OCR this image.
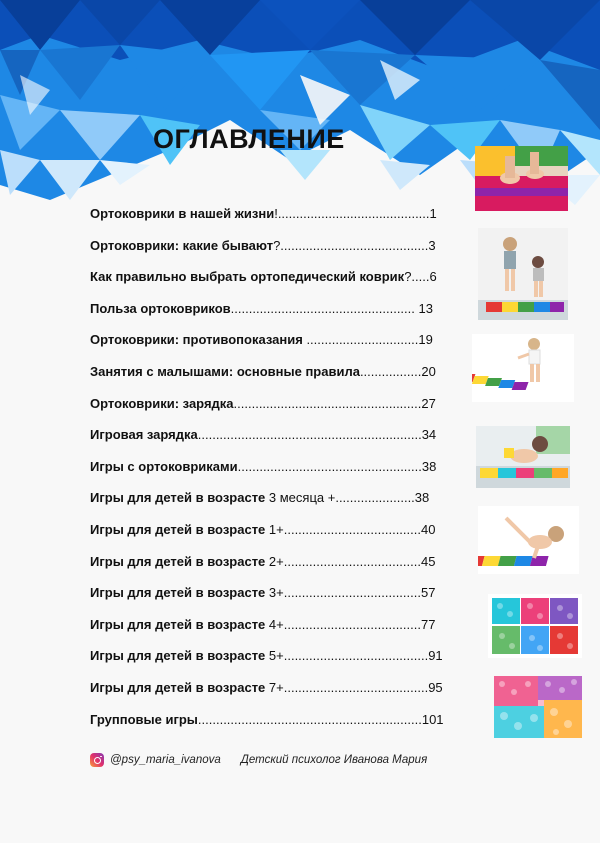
ОГЛАВЛЕНИЕ
Ортоковрики в нашей жизни!..........................................1
Ортоковрики: какие бывают?.........................................3
Как правильно выбрать ортопедический коврик?.....6
Польза ортоковриков................................................... 13
Ортоковрики: противопоказания ...............................19
Занятия с малышами: основные правила.................20
Ортоковрики: зарядка....................................................27
Игровая зарядка..............................................................34
Игры с ортоковриками...................................................38
Игры для детей в возрасте 3 месяца +......................38
Игры для детей в возрасте 1+......................................40
Игры для детей в возрасте 2+......................................45
Игры для детей в возрасте 3+......................................57
Игры для детей в возрасте 4+......................................77
Игры для детей в возрасте 5+........................................91
Игры для детей в возрасте 7+........................................95
Групповые игры..............................................................101
@psy_maria_ivanova Детский психолог Иванова Мария
